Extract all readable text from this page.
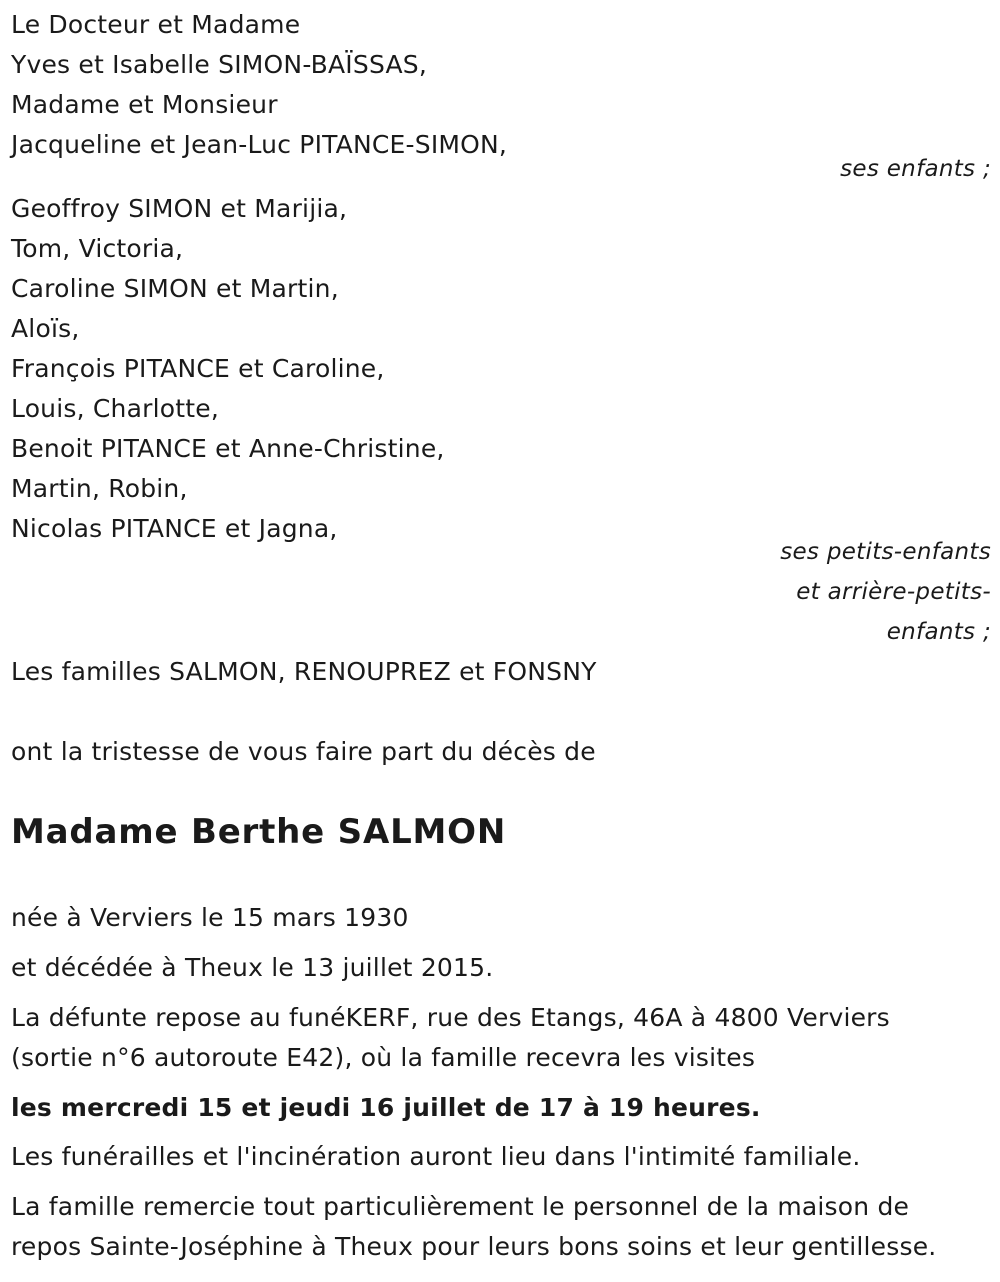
Le Docteur et Madame
Yves et Isabelle SIMON-BAÏSSAS,
Madame et Monsieur
Jacqueline et Jean-Luc PITANCE-SIMON,
ses enfants ;
Geoffroy SIMON et Marijia,
Tom, Victoria,
Caroline SIMON et Martin,
Aloïs,
François PITANCE et Caroline,
Louis, Charlotte,
Benoit PITANCE et Anne-Christine,
Martin, Robin,
Nicolas PITANCE et Jagna,
ses petits-enfants
et arrière-petits-
enfants ;
Les familles SALMON, RENOUPREZ et FONSNY
ont la tristesse de vous faire part du décès de
Madame Berthe SALMON
née à Verviers le 15 mars 1930
et décédée à Theux le 13 juillet 2015.
La défunte repose au funéKERF, rue des Etangs, 46A à 4800 Verviers
(sortie n°6 autoroute E42), où la famille recevra les visites
les mercredi 15 et jeudi 16 juillet de 17 à 19 heures.
Les funérailles et l'incinération auront lieu dans l'intimité familiale.
La famille remercie tout particulièrement le personnel de la maison de
repos Sainte-Joséphine à Theux pour leurs bons soins et leur gentillesse.
